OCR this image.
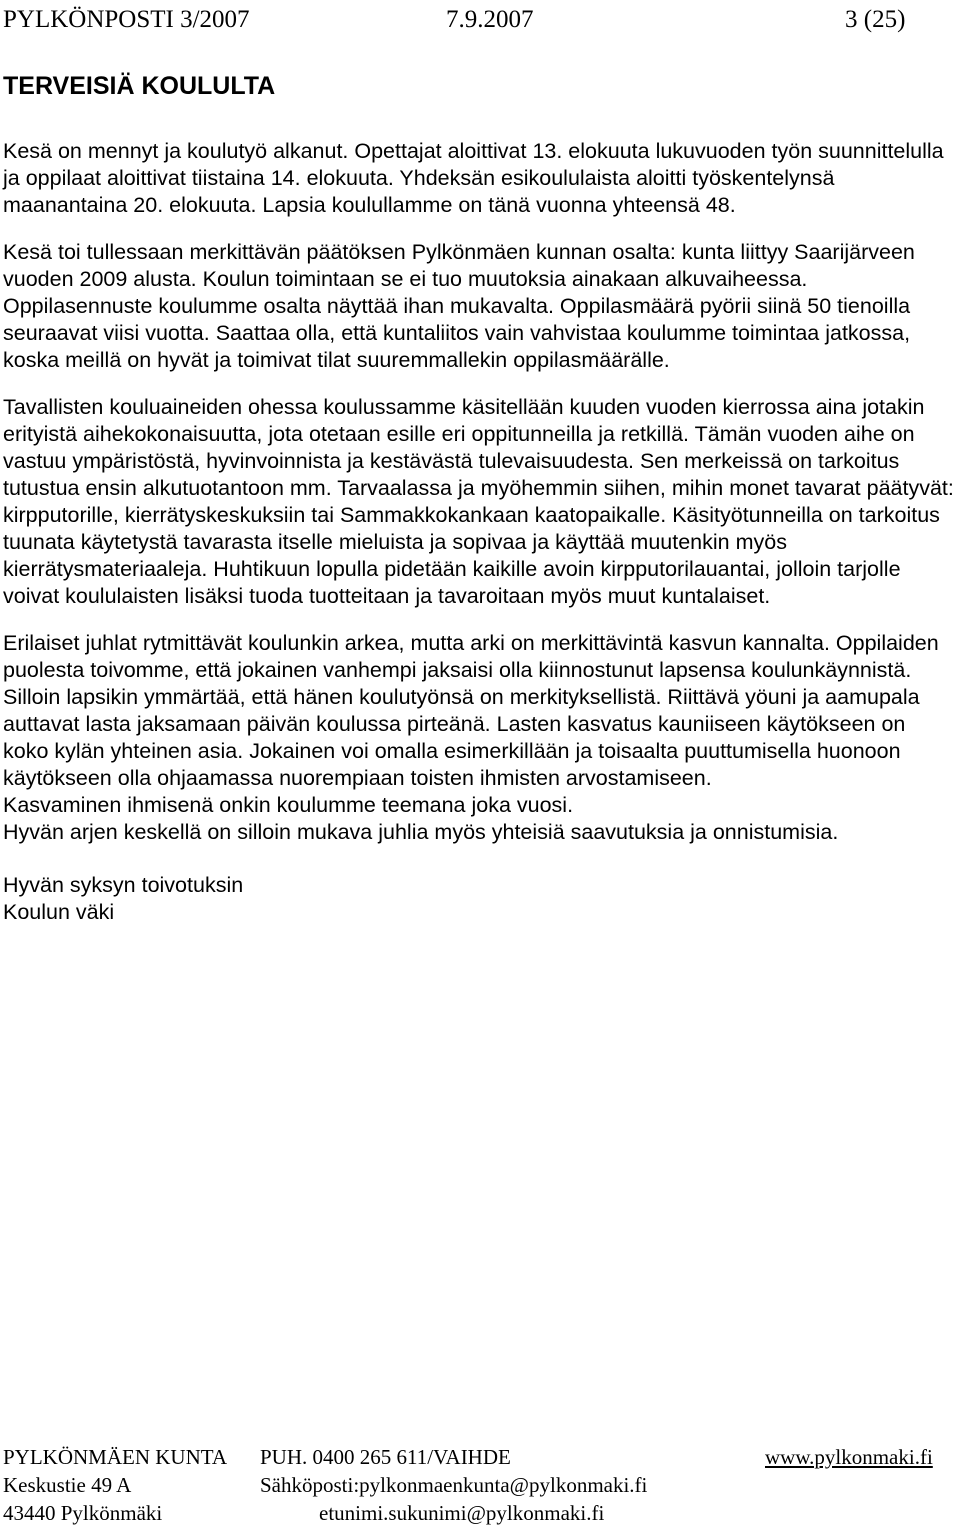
PYLKÖNPOSTI 3/2007	7.9.2007	3 (25)
TERVEISIÄ KOULULTA

Kesä on mennyt ja koulutyö alkanut. Opettajat aloittivat 13. elokuuta lukuvuoden työn suunnittelulla ja oppilaat aloittivat tiistaina 14. elokuuta. Yhdeksän esikoululaista aloitti työskentelynsä maanantaina 20. elokuuta. Lapsia koulullamme on tänä vuonna yhteensä 48.

Kesä toi tullessaan merkittävän päätöksen Pylkönmäen kunnan osalta: kunta liittyy Saarijärveen vuoden 2009 alusta. Koulun toimintaan se ei tuo muutoksia ainakaan alkuvaiheessa. Oppilasennuste koulumme osalta näyttää ihan mukavalta. Oppilasmäärä pyörii siinä 50 tienoilla seuraavat viisi vuotta. Saattaa olla, että kuntaliitos vain vahvistaa koulumme toimintaa jatkossa, koska meillä on hyvät ja toimivat tilat suuremmallekin oppilasmäärälle.

Tavallisten kouluaineiden ohessa koulussamme käsitellään kuuden vuoden kierrossa aina jotakin erityistä aihekokonaisuutta, jota otetaan esille eri oppitunneilla ja retkillä. Tämän vuoden aihe on vastuu ympäristöstä, hyvinvoinnista ja kestävästä tulevaisuudesta. Sen merkeissä on tarkoitus tutustua ensin alkutuotantoon mm. Tarvaalassa ja myöhemmin siihen, mihin monet tavarat päätyvät: kirpputorille, kierrätyskeskuksiin tai Sammakkokankaan kaatopaikalle. Käsityötunneilla on tarkoitus tuunata käytetystä tavarasta itselle mieluista ja sopivaa ja käyttää muutenkin myös kierrätysmateriaaleja. Huhtikuun lopulla pidetään kaikille avoin kirpputorilauantai, jolloin tarjolle voivat koululaisten lisäksi tuoda tuotteitaan ja tavaroitaan myös muut kuntalaiset.

Erilaiset juhlat rytmittävät koulunkin arkea, mutta arki on merkittävintä kasvun kannalta. Oppilaiden puolesta toivomme, että jokainen vanhempi jaksaisi olla kiinnostunut lapsensa koulunkäynnistä. Silloin lapsikin ymmärtää, että hänen koulutyönsä on merkityksellistä. Riittävä yöuni ja aamupala auttavat lasta jaksamaan päivän koulussa pirteänä. Lasten kasvatus kauniiseen käytökseen on koko kylän yhteinen asia. Jokainen voi omalla esimerkillään ja toisaalta puuttumisella huonoon käytökseen olla ohjaamassa nuorempiaan toisten ihmisten arvostamiseen.

Kasvaminen ihmisenä onkin koulumme teemana joka vuosi.

Hyvän arjen keskellä on silloin mukava juhlia myös yhteisiä saavutuksia ja onnistumisia.

Hyvän syksyn toivotuksin

Koulun väki

PYLKÖNMÄEN KUNTA PUH. 0400 265 611/VAIHDE	www.pylkonmaki.fi
Keskustie 49 A	Sähköposti:pylkonmaenkunta@pylkonmaki.fi
43440 Pylkönmäki	etunimi.sukunimi@pylkonmaki.fi
